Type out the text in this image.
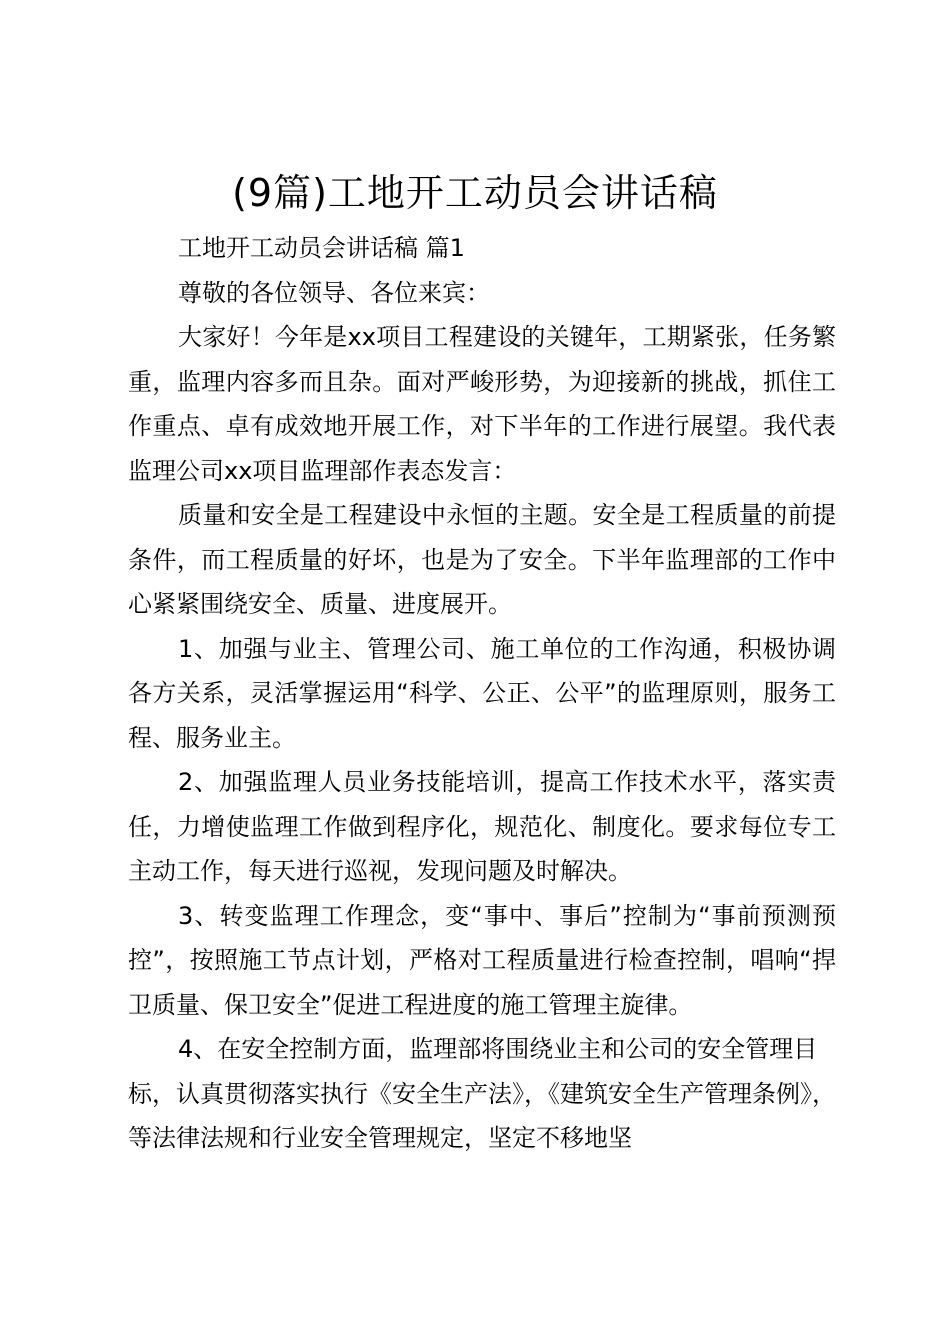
(9篇)工地开工动员会讲话稿

工地开工动员会讲话稿 篇1

尊敬的各位领导、各位来宾：

大家好！今年是xx项目工程建设的关键年，工期紧张，任务繁重，监理内容多而且杂。面对严峻形势，为迎接新的挑战，抓住工作重点、卓有成效地开展工作，对下半年的工作进行展望。我代表监理公司xx项目监理部作表态发言：

质量和安全是工程建设中永恒的主题。安全是工程质量的前提条件，而工程质量的好坏，也是为了安全。下半年监理部的工作中心紧紧围绕安全、质量、进度展开。

1、加强与业主、管理公司、施工单位的工作沟通，积极协调各方关系，灵活掌握运用“科学、公正、公平”的监理原则，服务工程、服务业主。

2、加强监理人员业务技能培训，提高工作技术水平，落实责任，力增使监理工作做到程序化，规范化、制度化。要求每位专工主动工作，每天进行巡视，发现问题及时解决。

3、转变监理工作理念，变“事中、事后”控制为“事前预测预控”，按照施工节点计划，严格对工程质量进行检查控制，唱响“捍卫质量、保卫安全”促进工程进度的施工管理主旋律。

4、在安全控制方面，监理部将围绕业主和公司的安全管理目标，认真贯彻落实执行《安全生产法》，《建筑安全生产管理条例》，等法律法规和行业安全管理规定，坚定不移地坚
